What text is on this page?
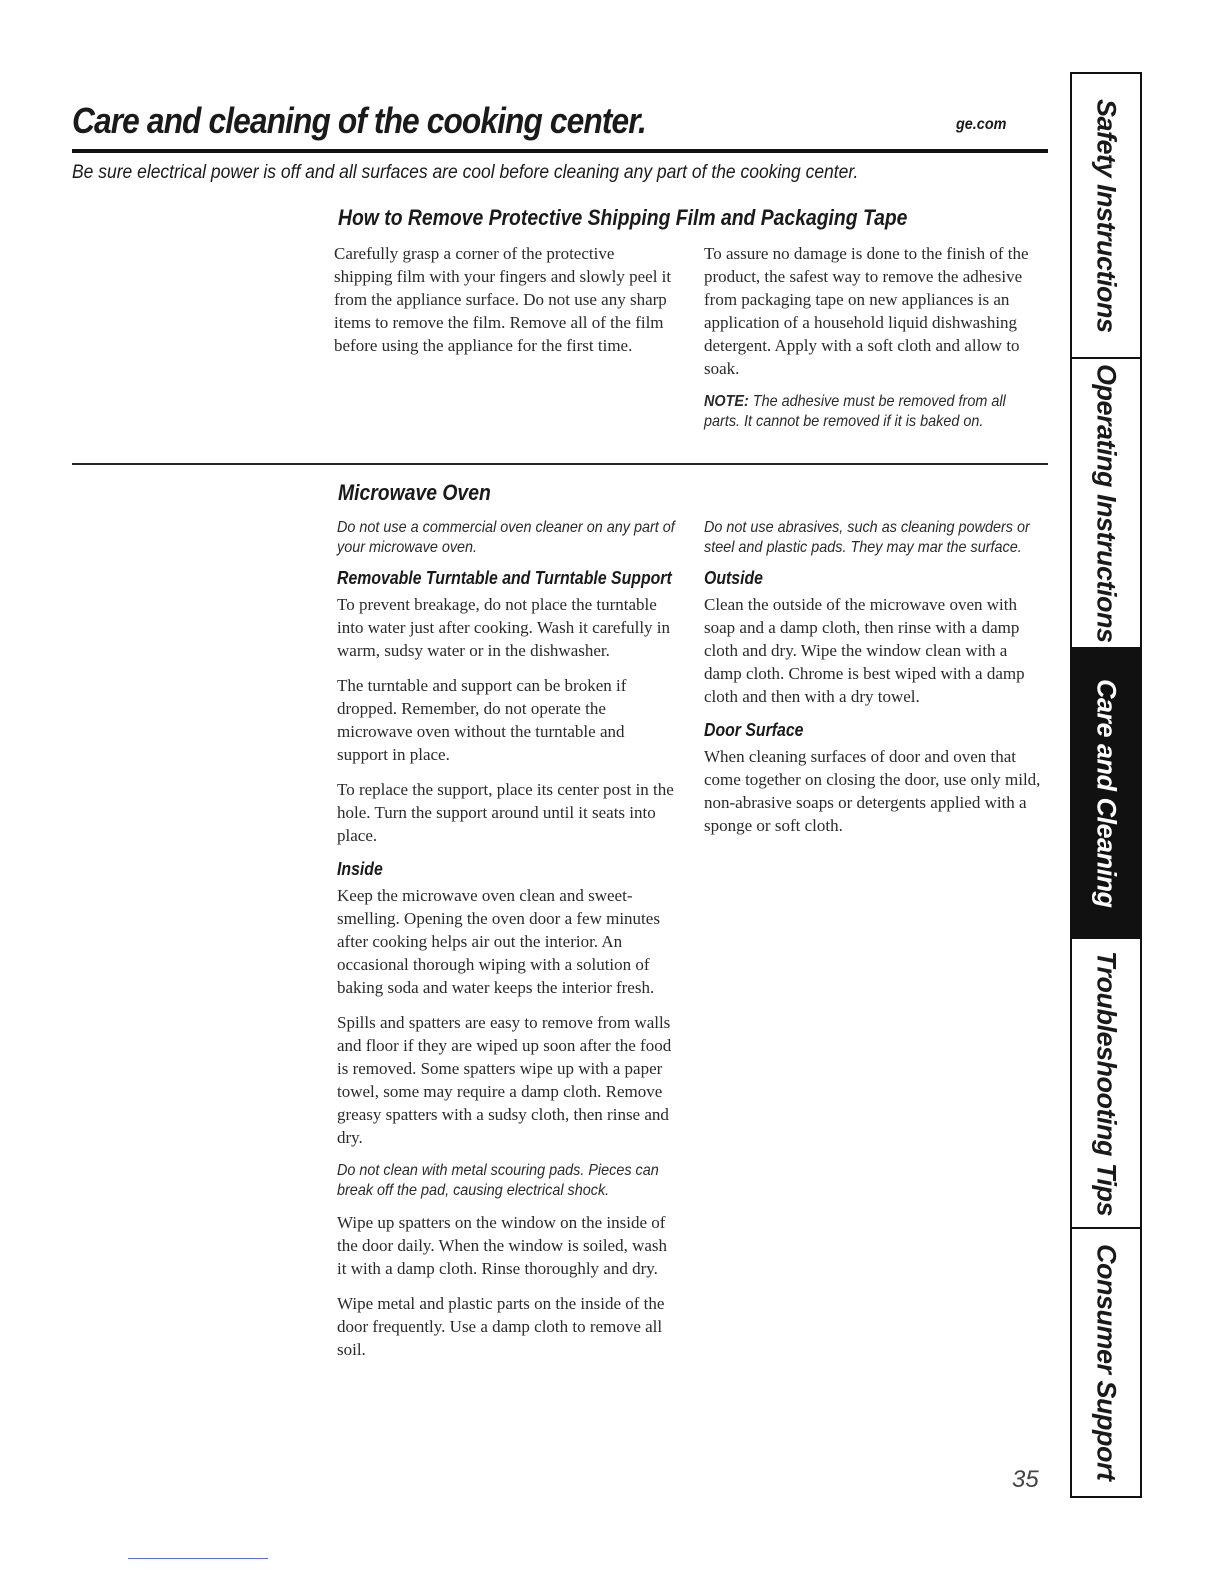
Care and cleaning of the cooking center.	ge.com
Be sure electrical power is off and all surfaces are cool before cleaning any part of the cooking center.
How to Remove Protective Shipping Film and Packaging Tape

Carefully grasp a corner of the protective shipping film with your fingers and slowly peel it from the appliance surface. Do not use any sharp items to remove the film. Remove all of the film before using the appliance for the first time.

To assure no damage is done to the finish of the product, the safest way to remove the adhesive from packaging tape on new appliances is an application of a household liquid dishwashing detergent. Apply with a soft cloth and allow to soak.

NOTE: The adhesive must be removed from all parts. It cannot be removed if it is baked on.

Microwave Oven

Do not use a commercial oven cleaner on any part of your microwave oven.

Removable Turntable and Turntable Support

To prevent breakage, do not place the turntable into water just after cooking. Wash it carefully in warm, sudsy water or in the dishwasher.

The turntable and support can be broken if dropped. Remember, do not operate the microwave oven without the turntable and support in place.

To replace the support, place its center post in the hole. Turn the support around until it seats into place.

Inside

Keep the microwave oven clean and sweet-smelling. Opening the oven door a few minutes after cooking helps air out the interior. An occasional thorough wiping with a solution of baking soda and water keeps the interior fresh.

Spills and spatters are easy to remove from walls and floor if they are wiped up soon after the food is removed. Some spatters wipe up with a paper towel, some may require a damp cloth. Remove greasy spatters with a sudsy cloth, then rinse and dry.

Do not clean with metal scouring pads. Pieces can break off the pad, causing electrical shock.

Wipe up spatters on the window on the inside of the door daily. When the window is soiled, wash it with a damp cloth. Rinse thoroughly and dry.

Wipe metal and plastic parts on the inside of the door frequently. Use a damp cloth to remove all soil.

Do not use abrasives, such as cleaning powders or steel and plastic pads. They may mar the surface.

Outside

Clean the outside of the microwave oven with soap and a damp cloth, then rinse with a damp cloth and dry. Wipe the window clean with a damp cloth. Chrome is best wiped with a damp cloth and then with a dry towel.

Door Surface

When cleaning surfaces of door and oven that come together on closing the door, use only mild, non-abrasive soaps or detergents applied with a sponge or soft cloth.

35
Safety Instructions
Operating Instructions
Care and Cleaning
Troubleshooting Tips
Consumer Support
